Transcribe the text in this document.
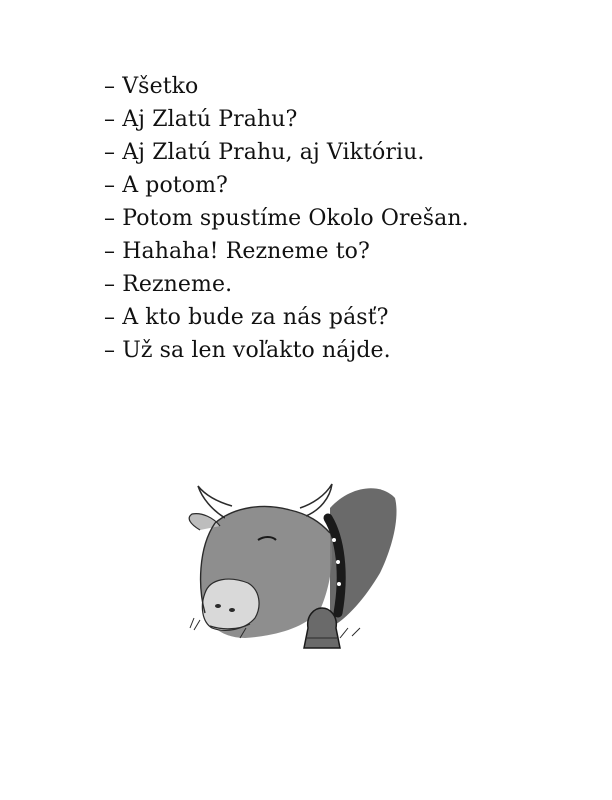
– Všetko
– Aj Zlatú Prahu?
– Aj Zlatú Prahu, aj Viktóriu.
– A potom?
– Potom spustíme Okolo Orešan.
– Hahaha! Rezneme to?
– Rezneme.
– A kto bude za nás pásť?
– Už sa len voľakto nájde.
